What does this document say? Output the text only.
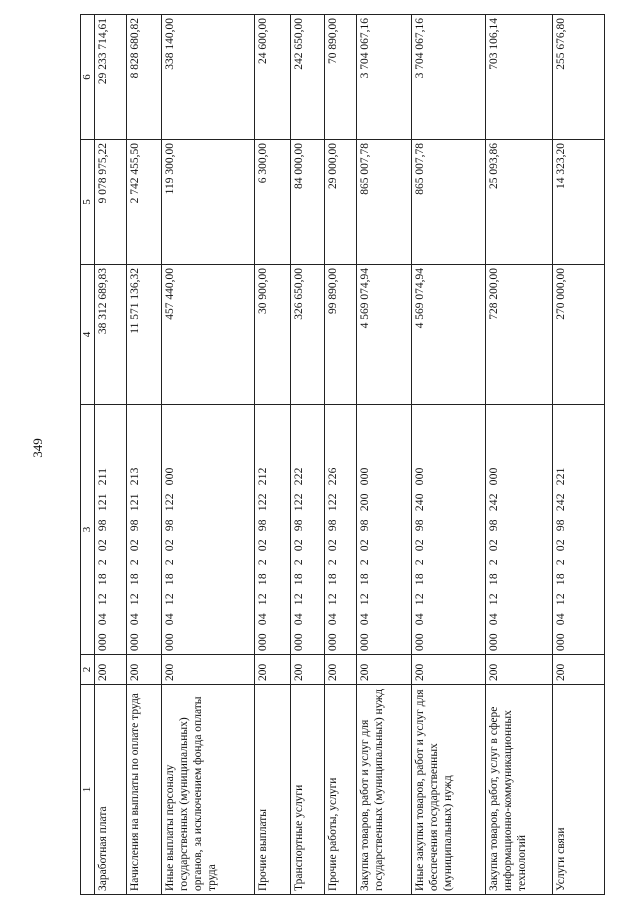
349
1	2	3	4	5	6
Заработная плата	200	000 04 12 18 2 02 98 121 211	38 312 689,83	9 078 975,22	29 233 714,61
Начисления на выплаты по оплате труда	200	000 04 12 18 2 02 98 121 213	11 571 136,32	2 742 455,50	8 828 680,82
Иные выплаты персоналу государственных (муниципальных) органов, за исключением фонда оплаты труда	200	000 04 12 18 2 02 98 122 000	457 440,00	119 300,00	338 140,00
Прочие выплаты	200	000 04 12 18 2 02 98 122 212	30 900,00	6 300,00	24 600,00
Транспортные услуги	200	000 04 12 18 2 02 98 122 222	326 650,00	84 000,00	242 650,00
Прочие работы, услуги	200	000 04 12 18 2 02 98 122 226	99 890,00	29 000,00	70 890,00
Закупка товаров, работ и услуг для государственных (муниципальных) нужд	200	000 04 12 18 2 02 98 200 000	4 569 074,94	865 007,78	3 704 067,16
Иные закупки товаров, работ и услуг для обеспечения государственных (муниципальных) нужд	200	000 04 12 18 2 02 98 240 000	4 569 074,94	865 007,78	3 704 067,16
Закупка товаров, работ, услуг в сфере информационно-коммуникационных технологий	200	000 04 12 18 2 02 98 242 000	728 200,00	25 093,86	703 106,14
Услуги связи	200	000 04 12 18 2 02 98 242 221	270 000,00	14 323,20	255 676,80
